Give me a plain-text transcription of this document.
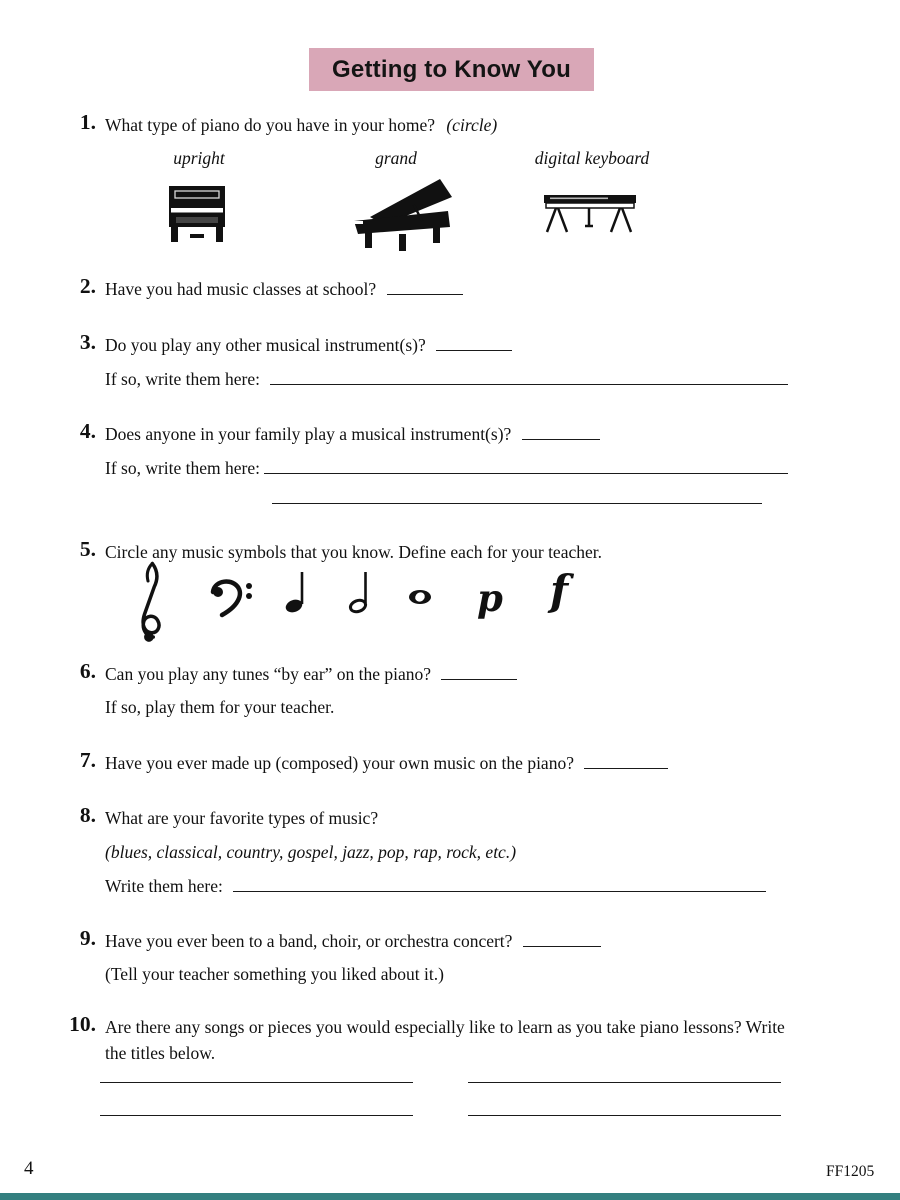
Getting to Know You
1. What type of piano do you have in your home? (circle)
upright	grand	digital keyboard
2. Have you had music classes at school?
3. Do you play any other musical instrument(s)?
If so, write them here:
4. Does anyone in your family play a musical instrument(s)?
If so, write them here:
5. Circle any music symbols that you know. Define each for your teacher.
p f
6. Can you play any tunes “by ear” on the piano?
If so, play them for your teacher.
7. Have you ever made up (composed) your own music on the piano?
8. What are your favorite types of music?
(blues, classical, country, gospel, jazz, pop, rap, rock, etc.)
Write them here:
9. Have you ever been to a band, choir, or orchestra concert?
(Tell your teacher something you liked about it.)
10. Are there any songs or pieces you would especially like to learn as you take piano lessons? Write the titles below.
4	FF1205
